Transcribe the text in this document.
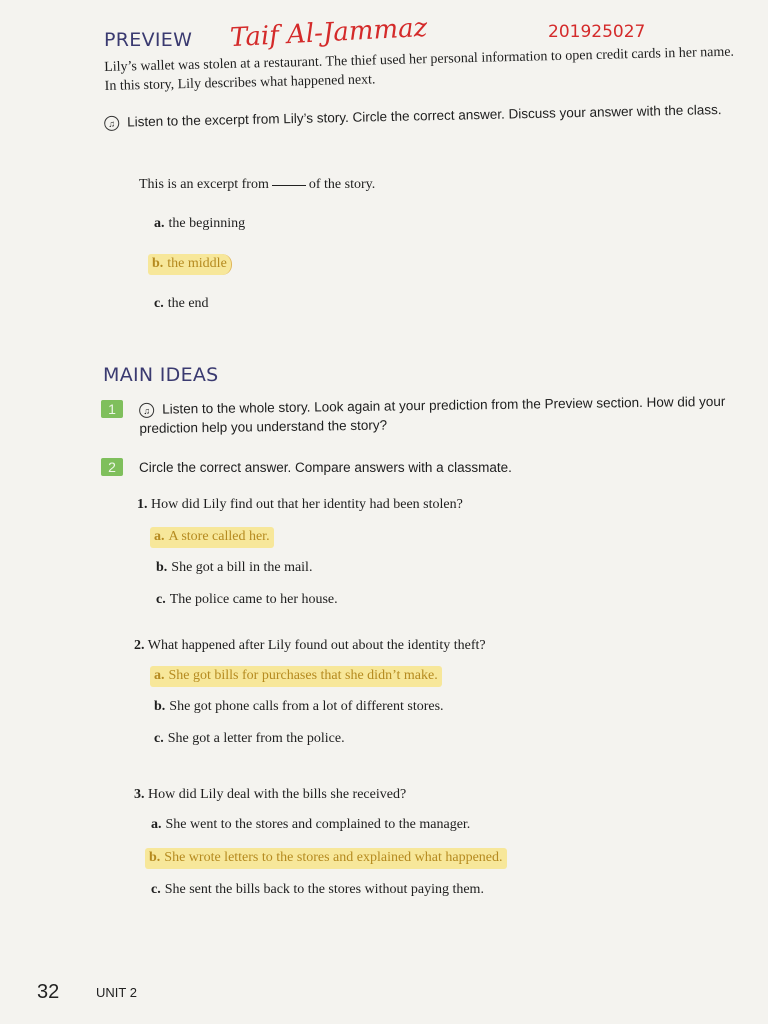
PREVIEW Taif Al-Jammaz	201925027
Lily’s wallet was stolen at a restaurant. The thief used her personal information to open credit cards in her name. In this story, Lily describes what happened next.
♫ Listen to the excerpt from Lily’s story. Circle the correct answer. Discuss your answer with the class.
This is an excerpt from	of the story.
a. the beginning
b. the middle
c. the end
MAIN IDEAS
1	♫ Listen to the whole story. Look again at your prediction from the Preview section. How did your prediction help you understand the story?
2	Circle the correct answer. Compare answers with a classmate.
1. How did Lily find out that her identity had been stolen?
a. A store called her.
b. She got a bill in the mail.
c. The police came to her house.
2. What happened after Lily found out about the identity theft?
a. She got bills for purchases that she didn’t make.
b. She got phone calls from a lot of different stores.
c. She got a letter from the police.
3. How did Lily deal with the bills she received?
a. She went to the stores and complained to the manager.
b. She wrote letters to the stores and explained what happened.
c. She sent the bills back to the stores without paying them.
32	UNIT 2
